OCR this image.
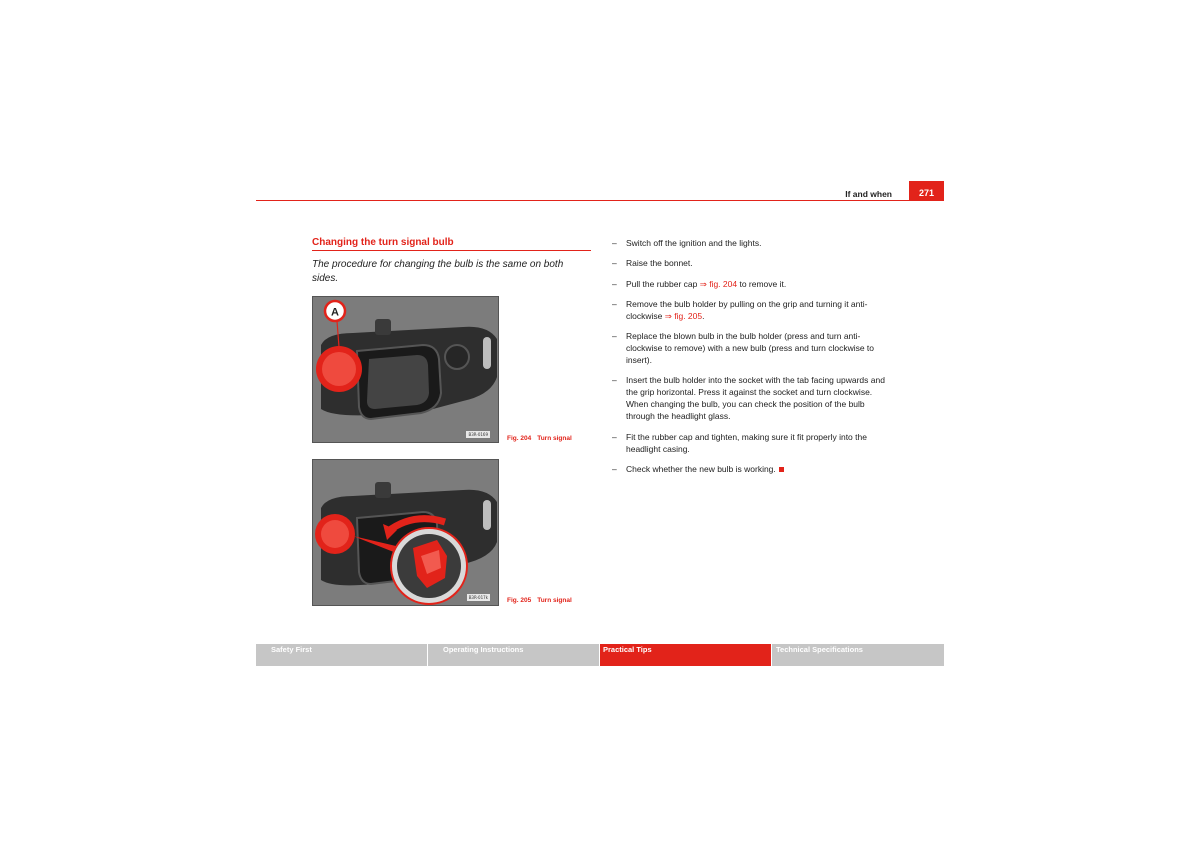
If and when	271
Changing the turn signal bulb
The procedure for changing the bulb is the same on both sides.
A
B3R-0169
Fig. 204 Turn signal
B3R-017k	Fig. 205 Turn signal
– Switch off the ignition and the lights.
– Raise the bonnet.
– Pull the rubber cap ⇒ fig. 204 to remove it.
– Remove the bulb holder by pulling on the grip and turning it anti-clockwise ⇒ fig. 205.
– Replace the blown bulb in the bulb holder (press and turn anti-clockwise to remove) with a new bulb (press and turn clockwise to insert).
– Insert the bulb holder into the socket with the tab facing upwards and the grip horizontal. Press it against the socket and turn clockwise. When changing the bulb, you can check the position of the bulb through the headlight glass.
– Fit the rubber cap and tighten, making sure it fit properly into the headlight casing.
– Check whether the new bulb is working.
Safety First	Operating Instructions	Practical Tips	Technical Specifications
